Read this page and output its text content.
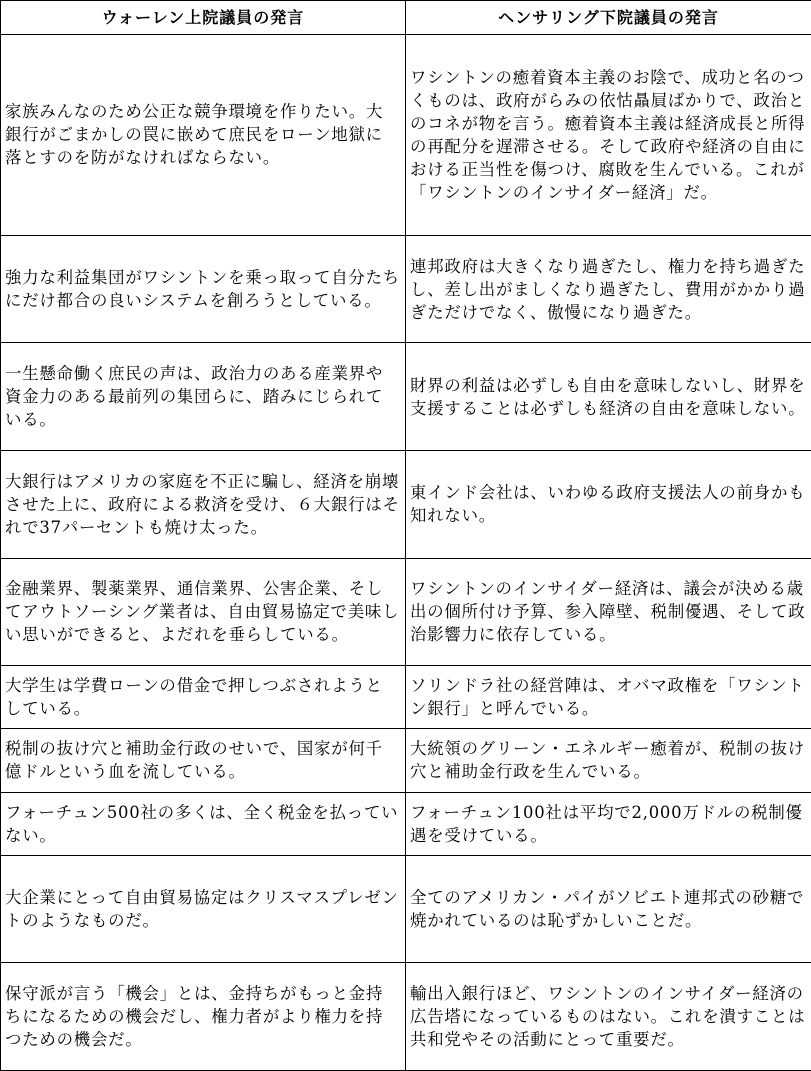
ウォーレン上院議員の発言	ヘンサリング下院議員の発言
家族みんなのため公正な競争環境を作りたい。大銀行がごまかしの罠に嵌めて庶民をローン地獄に落とすのを防がなければならない。	ワシントンの癒着資本主義のお陰で、成功と名のつくものは、政府がらみの依怙贔屓ばかりで、政治とのコネが物を言う。癒着資本主義は経済成長と所得の再配分を遅滞させる。そして政府や経済の自由における正当性を傷つけ、腐敗を生んでいる。これが「ワシントンのインサイダー経済」だ。
強力な利益集団がワシントンを乗っ取って自分たちにだけ都合の良いシステムを創ろうとしている。	連邦政府は大きくなり過ぎたし、権力を持ち過ぎたし、差し出がましくなり過ぎたし、費用がかかり過ぎただけでなく、傲慢になり過ぎた。
一生懸命働く庶民の声は、政治力のある産業界や資金力のある最前列の集団らに、踏みにじられている。	財界の利益は必ずしも自由を意味しないし、財界を支援することは必ずしも経済の自由を意味しない。
大銀行はアメリカの家庭を不正に騙し、経済を崩壊させた上に、政府による救済を受け、６大銀行はそれで37パーセントも焼け太った。	東インド会社は、いわゆる政府支援法人の前身かも知れない。
金融業界、製薬業界、通信業界、公害企業、そしてアウトソーシング業者は、自由貿易協定で美味しい思いができると、よだれを垂らしている。	ワシントンのインサイダー経済は、議会が決める歳出の個所付け予算、参入障壁、税制優遇、そして政治影響力に依存している。
大学生は学費ローンの借金で押しつぶされようとしている。	ソリンドラ社の経営陣は、オバマ政権を「ワシントン銀行」と呼んでいる。
税制の抜け穴と補助金行政のせいで、国家が何千億ドルという血を流している。	大統領のグリーン・エネルギー癒着が、税制の抜け穴と補助金行政を生んでいる。
フォーチュン500社の多くは、全く税金を払っていない。	フォーチュン100社は平均で2,000万ドルの税制優遇を受けている。
大企業にとって自由貿易協定はクリスマスプレゼントのようなものだ。	全てのアメリカン・パイがソビエト連邦式の砂糖で焼かれているのは恥ずかしいことだ。
保守派が言う「機会」とは、金持ちがもっと金持ちになるための機会だし、権力者がより権力を持つための機会だ。	輸出入銀行ほど、ワシントンのインサイダー経済の広告塔になっているものはない。これを潰すことは共和党やその活動にとって重要だ。
